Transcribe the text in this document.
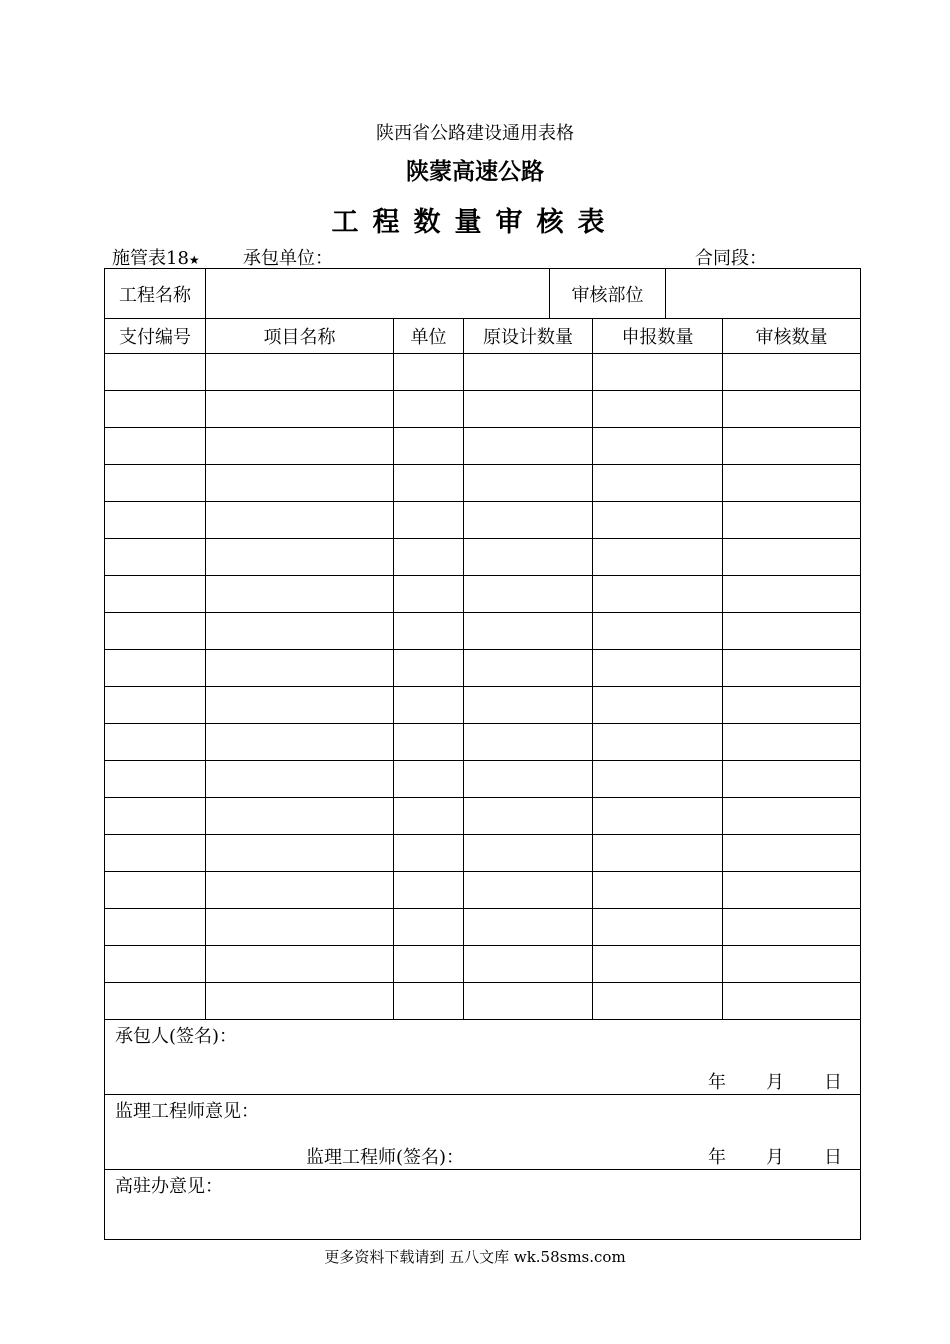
陕西省公路建设通用表格
陕蒙高速公路
工程数量审核表
施管表18★ 承包单位：	合同段：
工程名称				审核部位			
支付编号	项目名称	单位	原设计数量		申报数量		审核数量

承包人(签名)：
年 月 日							

监理工程师意见：
监理工程师(签名)： 年 月 日							

高驻办意见：							
更多资料下载请到 五八文库 wk.58sms.com
